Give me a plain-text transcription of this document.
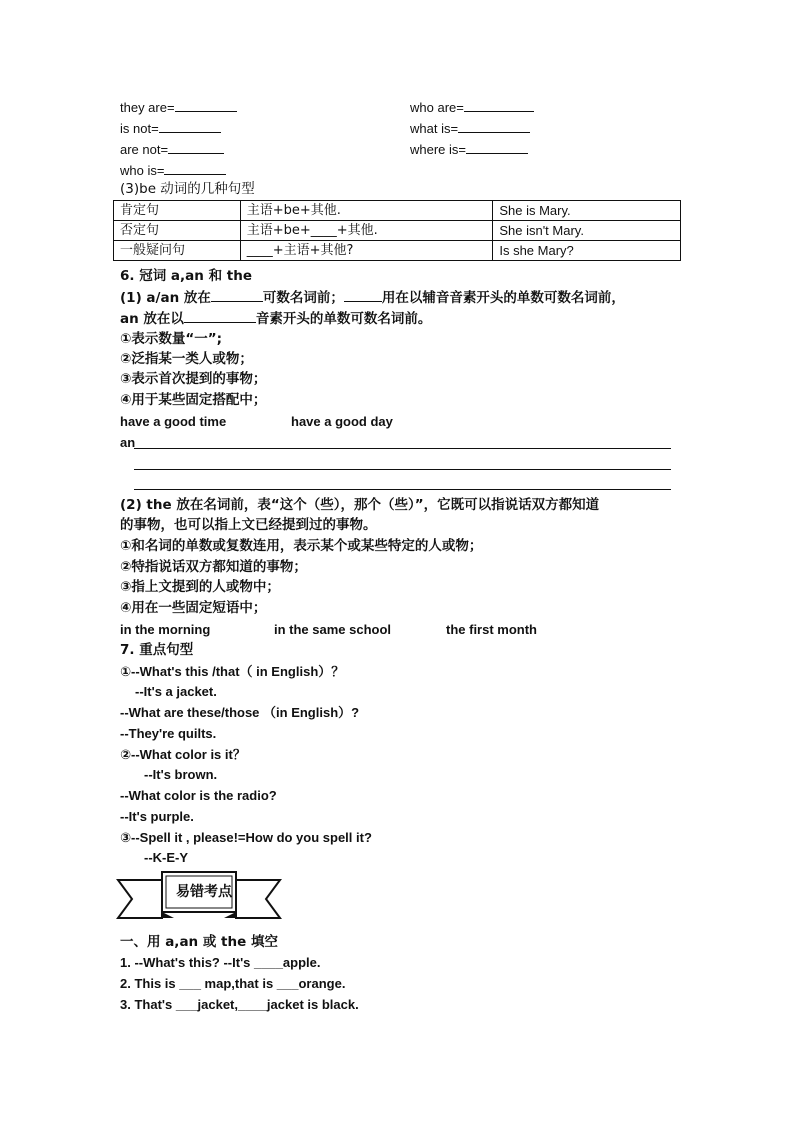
they are=
is not=
are not=
who is=
who are=
what is=
where is=
(3)be 动词的几种句型
肯定句	主语+be+其他.	She is Mary.
否定句	主语+be+____+其他.	She isn't Mary.
一般疑问句	____+主语+其他?	Is she Mary?
6. 冠词 a,an 和 the
(1) a/an 放在	可数名词前；	用在以辅音音素开头的单数可数名词前，
an 放在以	音素开头的单数可数名词前。
①表示数量“一”;
②泛指某一类人或物；
③表示首次提到的事物；
④用于某些固定搭配中；
have a good time	have a good day
an
(2) the 放在名词前，表“这个（些），那个（些）”，它既可以指说话双方都知道
的事物，也可以指上文已经提到过的事物。
①和名词的单数或复数连用，表示某个或某些特定的人或物；
②特指说话双方都知道的事物；
③指上文提到的人或物中；
④用在一些固定短语中；
in the morning	in the same school	the first month
7. 重点句型
①--What's this /that（ in English）？
--It's a jacket.
--What are these/those （in English）?
--They're quilts.
②--What color is it？
--It's brown.
--What color is the radio?
--It's purple.
③--Spell it , please!=How do you spell it?
--K-E-Y
易错考点
一、用 a,an 或 the 填空
1. --What's this? --It's ____apple.
2. This is ___ map,that is ___orange.
3. That's ___jacket,____jacket is black.
